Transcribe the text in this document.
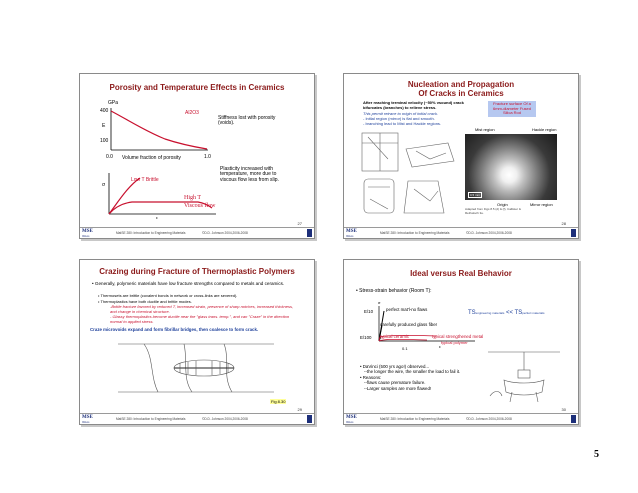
Porosity and Temperature Effects in Ceramics
GPa
400
E
100
0.0 Volume fraction of porosity	1.0
Al2O3
Stiffness lost with porosity (voids).
σ
Low T Brittle
High T
Viscous flow
ε
Plasticity increased with temperature, more due to viscous flow less from slip.
27
MSE
Illinois
MatSE 280: Introduction to Engineering Materials	©D.D. Johnson 2004,2006-2008
Nucleation and Propagation
Of Cracks in Ceramics
After reaching terminal velocity (~50% vsound) crack bifurcates (branches) to relieve stress.
This permit retrace to origin of initial crack.
- Initial region (mirror) is flat and smooth.
- branching lead to Mist and Hackle regions.
Fracture surface Of a 6mm-diameter Fused Silica Rod
Mist region	Hackle region
0.5 mm
Origin	Mirror region
Adapted from Figs 8.5 (d) & (f), Callister & Rethwisch 3e.
28
MSE
Illinois
MatSE 280: Introduction to Engineering Materials	©D.D. Johnson 2004,2006-2008
Crazing during Fracture of Thermoplastic Polymers
• Generally, polymeric materials have low fracture strengths compared to metals and ceramics.
• Thermosets are brittle (covalent bonds in network or cross-links are severed).
• Thermoplastics have both ductile and brittle modes.
-Brittle fracture favored by reduced T, increased strain, presence of sharp notches, increased thickness, and change in chemical structure.
- Glassy thermoplastics become ductile near the "glass trans. temp.", and can "Craze" in the direction normal to applied stress.
Craze microvoids expand and form fibrillar bridges, then coalesce to form crack.
Fig 8.30
29
MSE
Illinois
MatSE 280: Introduction to Engineering Materials	©D.D. Johnson 2004,2006-2008
Ideal versus Real Behavior
• Stress-strain behavior (Room T):
σ
E/10
E/100
perfect mat'l-no flaws
carefully produced glass fiber
typical ceramic	typical strengthened metal
typical polymer
0.1	ε
TSengineering materials << TSperfect materials
• DaVinci (500 yrs ago!) observed...
--the longer the wire, the smaller the load to fail it.
• Reasons:
--flaws cause premature failure.
--Larger samples are more flawed!
30
MSE
Illinois
MatSE 280: Introduction to Engineering Materials	©D.D. Johnson 2004,2006-2008
5
